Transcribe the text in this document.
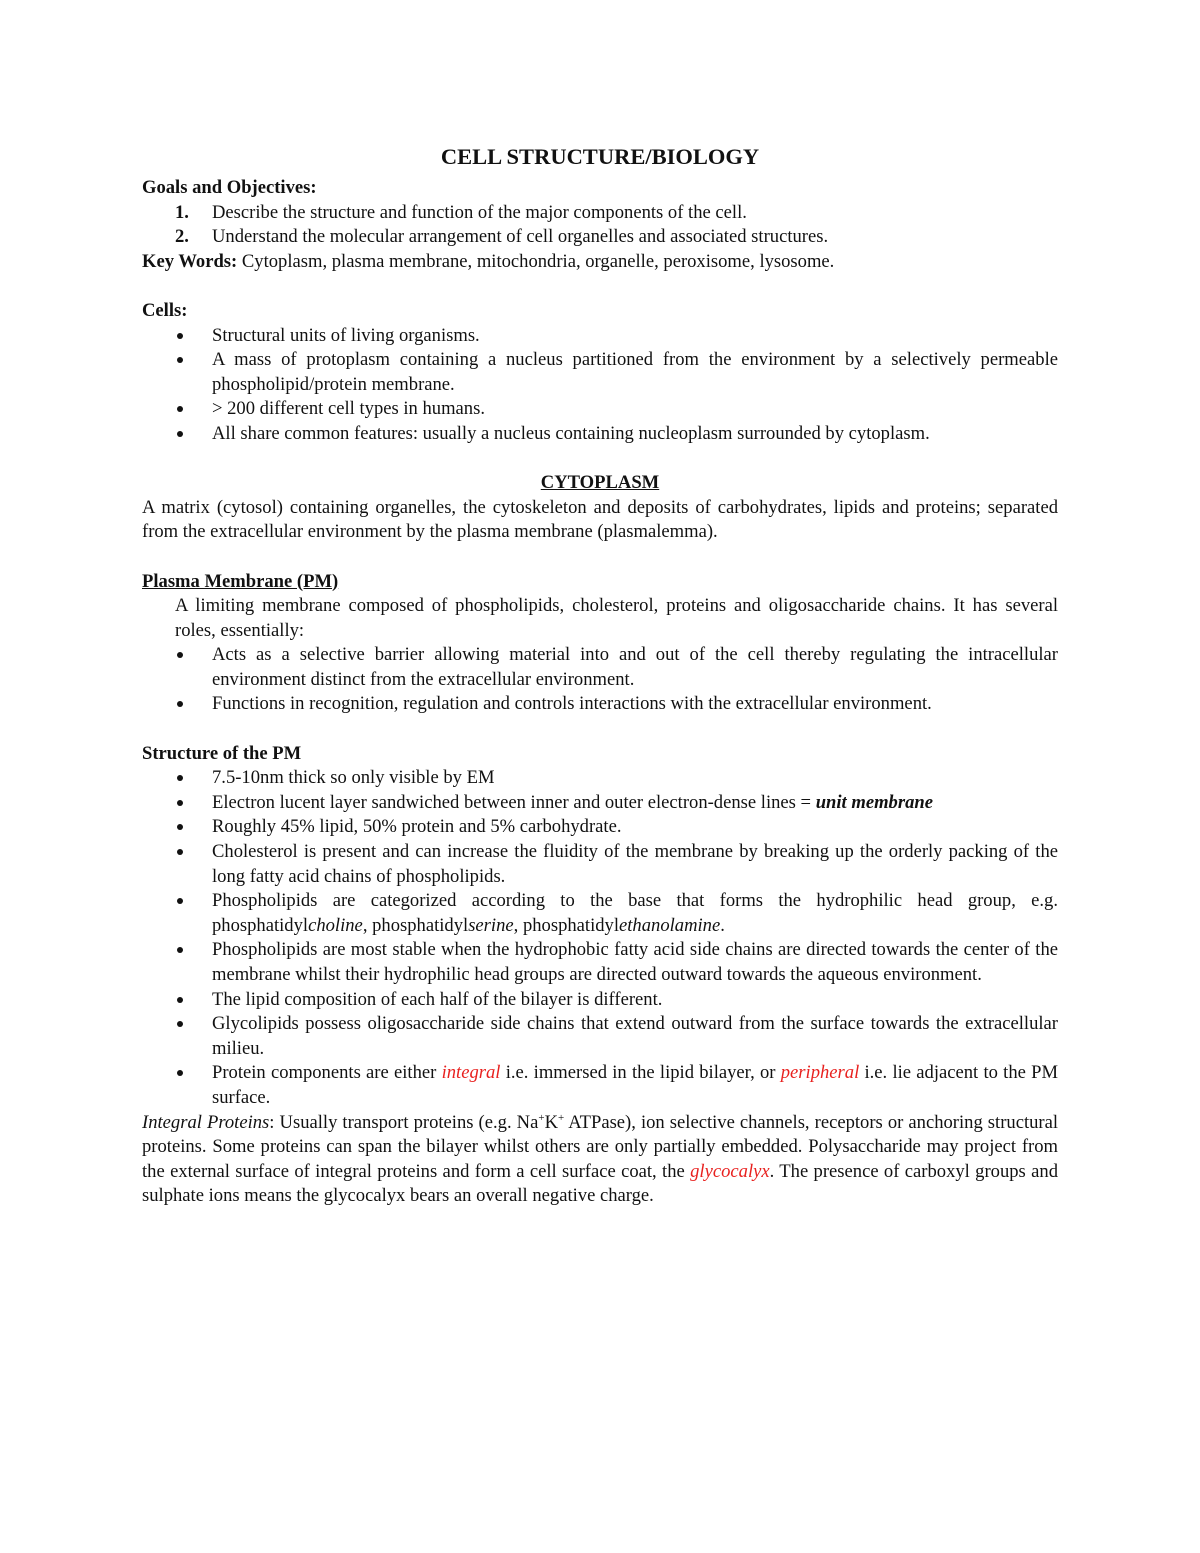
CELL STRUCTURE/BIOLOGY
Goals and Objectives:
1. Describe the structure and function of the major components of the cell.
2. Understand the molecular arrangement of cell organelles and associated structures.
Key Words: Cytoplasm, plasma membrane, mitochondria, organelle, peroxisome, lysosome.
Cells:
Structural units of living organisms.
A mass of protoplasm containing a nucleus partitioned from the environment by a selectively permeable phospholipid/protein membrane.
> 200 different cell types in humans.
All share common features: usually a nucleus containing nucleoplasm surrounded by cytoplasm.
CYTOPLASM
A matrix (cytosol) containing organelles, the cytoskeleton and deposits of carbohydrates, lipids and proteins; separated from the extracellular environment by the plasma membrane (plasmalemma).
Plasma Membrane (PM)
A limiting membrane composed of phospholipids, cholesterol, proteins and oligosaccharide chains. It has several roles, essentially:
Acts as a selective barrier allowing material into and out of the cell thereby regulating the intracellular environment distinct from the extracellular environment.
Functions in recognition, regulation and controls interactions with the extracellular environment.
Structure of the PM
7.5-10nm thick so only visible by EM
Electron lucent layer sandwiched between inner and outer electron-dense lines = unit membrane
Roughly 45% lipid, 50% protein and 5% carbohydrate.
Cholesterol is present and can increase the fluidity of the membrane by breaking up the orderly packing of the long fatty acid chains of phospholipids.
Phospholipids are categorized according to the base that forms the hydrophilic head group, e.g. phosphatidylcholine, phosphatidylserine, phosphatidylethanolamine.
Phospholipids are most stable when the hydrophobic fatty acid side chains are directed towards the center of the membrane whilst their hydrophilic head groups are directed outward towards the aqueous environment.
The lipid composition of each half of the bilayer is different.
Glycolipids possess oligosaccharide side chains that extend outward from the surface towards the extracellular milieu.
Protein components are either integral i.e. immersed in the lipid bilayer, or peripheral i.e. lie adjacent to the PM surface.
Integral Proteins: Usually transport proteins (e.g. Na+K+ ATPase), ion selective channels, receptors or anchoring structural proteins. Some proteins can span the bilayer whilst others are only partially embedded. Polysaccharide may project from the external surface of integral proteins and form a cell surface coat, the glycocalyx. The presence of carboxyl groups and sulphate ions means the glycocalyx bears an overall negative charge.
